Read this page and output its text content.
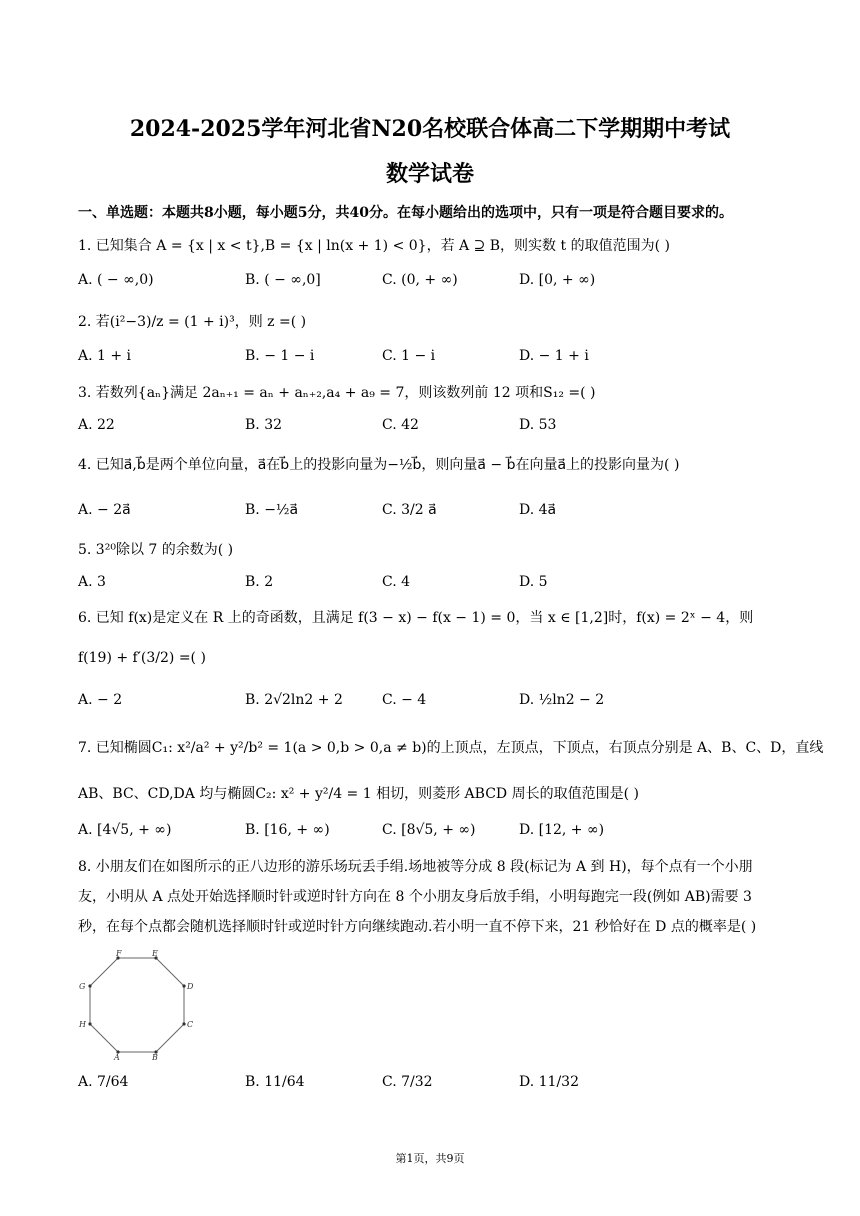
2024-2025学年河北省N20名校联合体高二下学期期中考试
数学试卷
一、单选题：本题共8小题，每小题5分，共40分。在每小题给出的选项中，只有一项是符合题目要求的。
1. 已知集合 A = {x | x < t},B = {x | ln(x + 1) < 0}，若 A ⊇ B，则实数 t 的取值范围为( )
A. ( − ∞,0)	B. ( − ∞,0]	C. (0, + ∞)	D. [0, + ∞)
2. 若(i²−3)/z = (1 + i)³，则 z =( )
A. 1 + i	B. − 1 − i	C. 1 − i	D. − 1 + i
3. 若数列{aₙ}满足 2aₙ₊₁ = aₙ + aₙ₊₂,a₄ + a₉ = 7，则该数列前 12 项和S₁₂ =( )
A. 22	B. 32	C. 42	D. 53
4. 已知a⃗,b⃗是两个单位向量，a⃗在b⃗上的投影向量为−½b⃗，则向量a⃗ − b⃗在向量a⃗上的投影向量为( )
A. − 2a⃗	B. −½a⃗	C. 3/2 a⃗	D. 4a⃗
5. 3²⁰除以 7 的余数为( )
A. 3	B. 2	C. 4	D. 5
6. 已知 f(x)是定义在 R 上的奇函数，且满足 f(3 − x) − f(x − 1) = 0，当 x ∈ [1,2]时，f(x) = 2ˣ − 4，则
f(19) + f′(3/2) =( )
A. − 2	B. 2√2ln2 + 2	C. − 4	D. ½ln2 − 2
7. 已知椭圆C₁: x²/a² + y²/b² = 1(a > 0,b > 0,a ≠ b)的上顶点，左顶点，下顶点，右顶点分别是 A、B、C、D，直线
AB、BC、CD,DA 均与椭圆C₂: x² + y²/4 = 1 相切，则菱形 ABCD 周长的取值范围是( )
A. [4√5, + ∞)	B. [16, + ∞)	C. [8√5, + ∞)	D. [12, + ∞)
8. 小朋友们在如图所示的正八边形的游乐场玩丢手绢.场地被等分成 8 段(标记为 A 到 H)，每个点有一个小朋友，小明从 A 点处开始选择顺时针或逆时针方向在 8 个小朋友身后放手绢，小明每跑完一段(例如 AB)需要 3 秒，在每个点都会随机选择顺时针或逆时针方向继续跑动.若小明一直不停下来，21 秒恰好在 D 点的概率是( )
F	E
D
C
B
A
H
G
A. 7/64	B. 11/64	C. 7/32	D. 11/32
第1页，共9页
